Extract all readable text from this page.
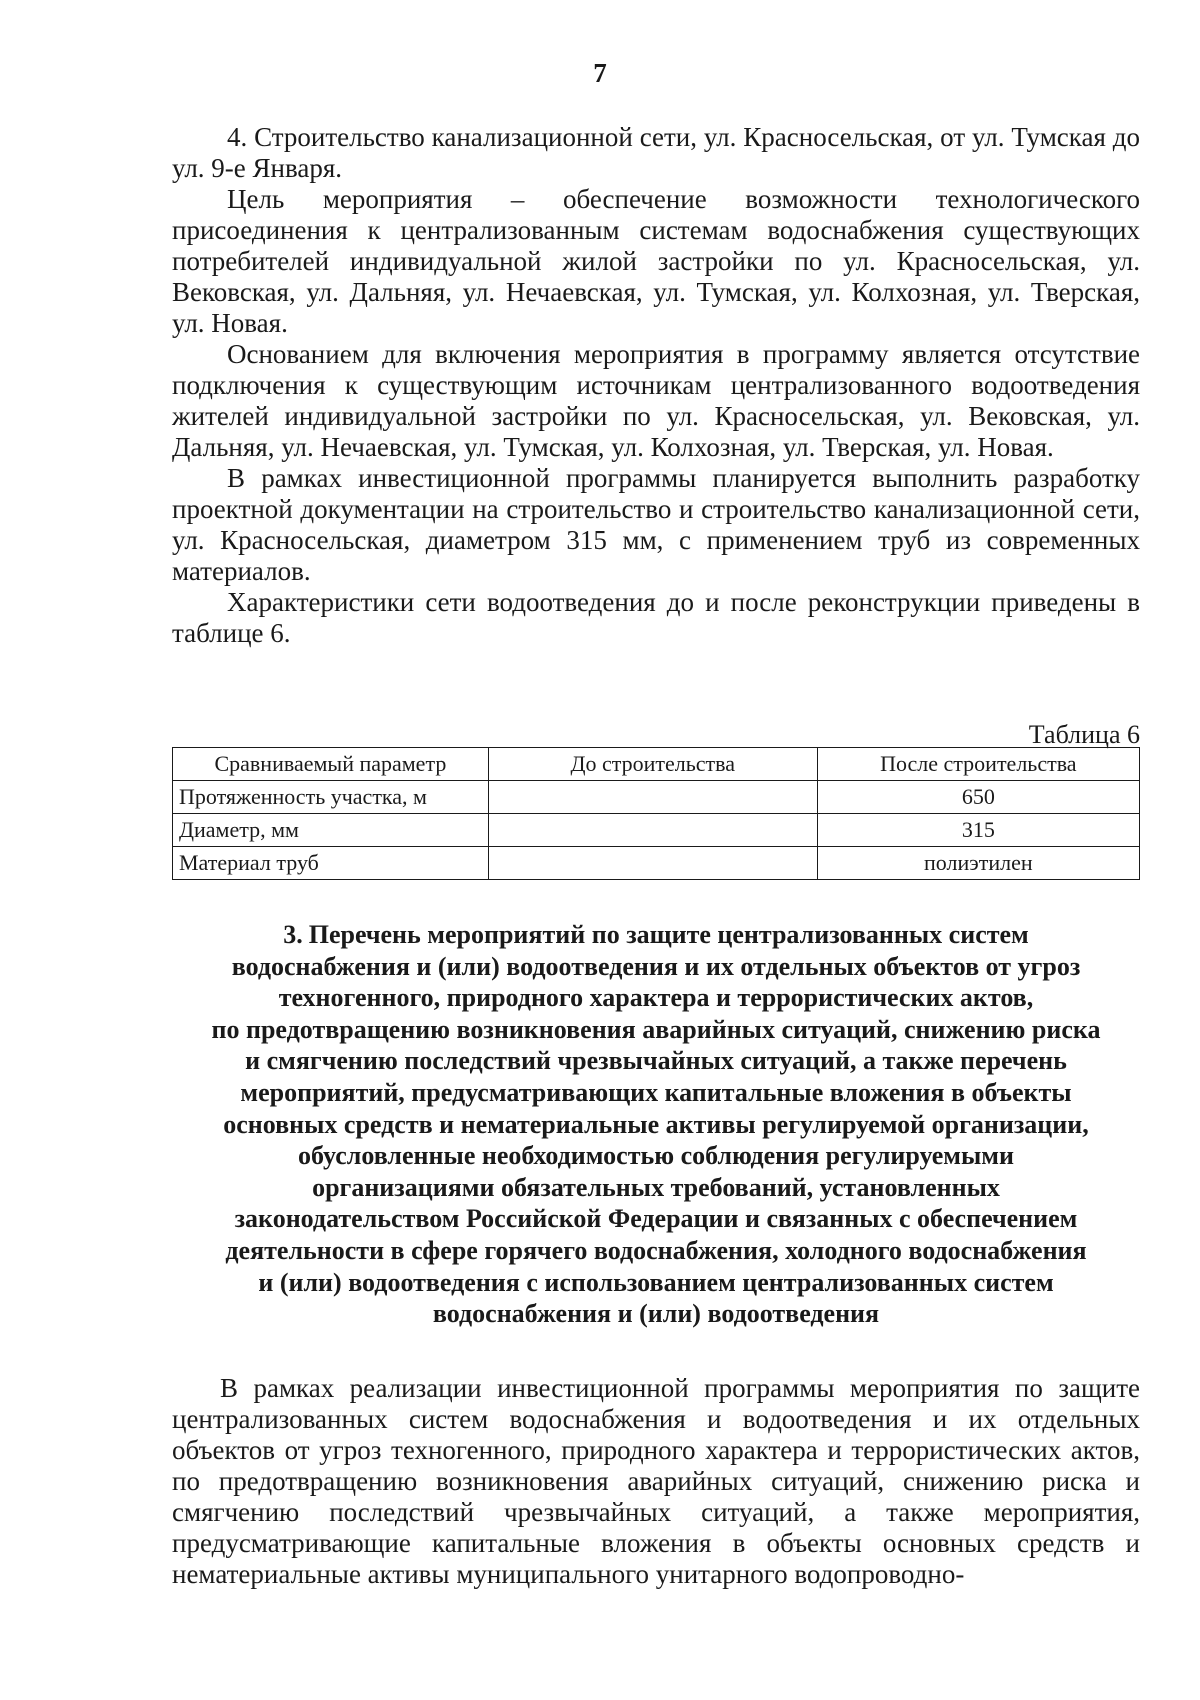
7

4. Строительство канализационной сети, ул. Красносельская, от ул. Тумская до ул. 9-е Января.

Цель мероприятия – обеспечение возможности технологического присоединения к централизованным системам водоснабжения существующих потребителей индивидуальной жилой застройки по ул. Красносельская, ул. Вековская, ул. Дальняя, ул. Нечаевская, ул. Тумская, ул. Колхозная, ул. Тверская, ул. Новая.

Основанием для включения мероприятия в программу является отсутствие подключения к существующим источникам централизованного водоотведения жителей индивидуальной застройки по ул. Красносельская, ул. Вековская, ул. Дальняя, ул. Нечаевская, ул. Тумская, ул. Колхозная, ул. Тверская, ул. Новая.

В рамках инвестиционной программы планируется выполнить разработку проектной документации на строительство и строительство канализационной сети, ул. Красносельская, диаметром 315 мм, с применением труб из современных материалов.

Характеристики сети водоотведения до и после реконструкции приведены в таблице 6.

Таблица 6
Сравниваемый параметр	До строительства	После строительства
Протяженность участка, м		650
Диаметр, мм		315
Материал труб		полиэтилен
3. Перечень мероприятий по защите централизованных систем
водоснабжения и (или) водоотведения и их отдельных объектов от угроз
техногенного, природного характера и террористических актов,
по предотвращению возникновения аварийных ситуаций, снижению риска
и смягчению последствий чрезвычайных ситуаций, а также перечень
мероприятий, предусматривающих капитальные вложения в объекты
основных средств и нематериальные активы регулируемой организации,
обусловленные необходимостью соблюдения регулируемыми
организациями обязательных требований, установленных
законодательством Российской Федерации и связанных с обеспечением
деятельности в сфере горячего водоснабжения, холодного водоснабжения
и (или) водоотведения с использованием централизованных систем
водоснабжения и (или) водоотведения

В рамках реализации инвестиционной программы мероприятия по защите централизованных систем водоснабжения и водоотведения и их отдельных объектов от угроз техногенного, природного характера и террористических актов, по предотвращению возникновения аварийных ситуаций, снижению риска и смягчению последствий чрезвычайных ситуаций, а также мероприятия, предусматривающие капитальные вложения в объекты основных средств и нематериальные активы муниципального унитарного водопроводно-
